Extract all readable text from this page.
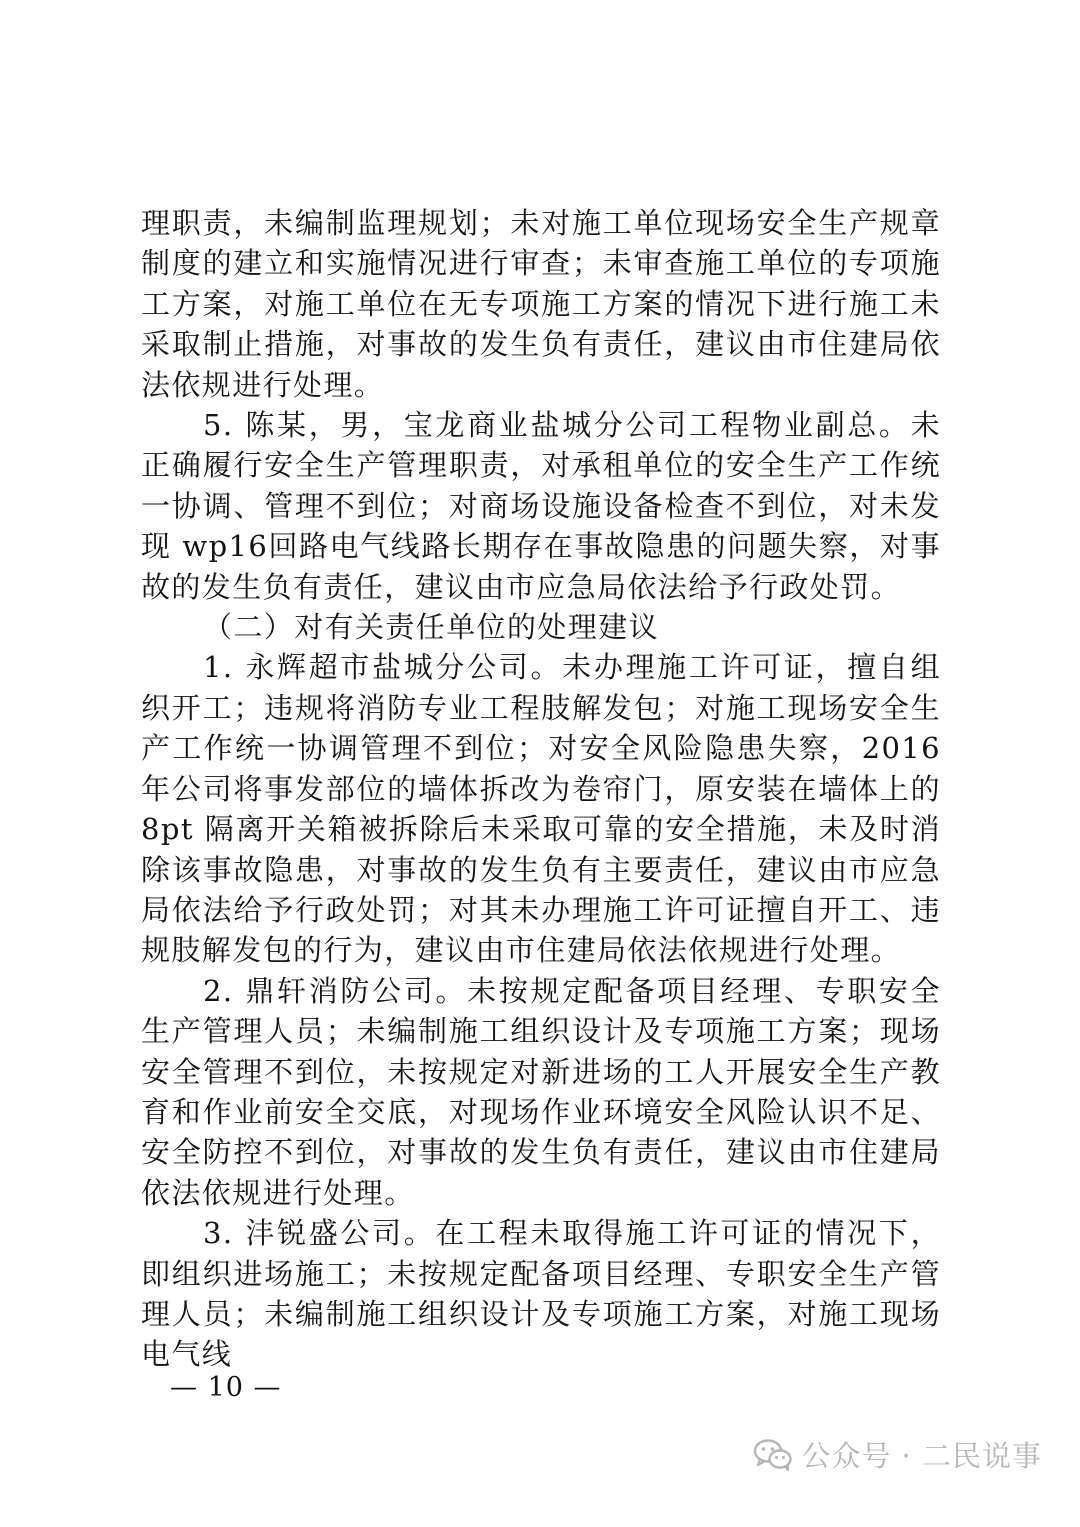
理职责，未编制监理规划；未对施工单位现场安全生产规章制度的建立和实施情况进行审查；未审查施工单位的专项施工方案，对施工单位在无专项施工方案的情况下进行施工未采取制止措施，对事故的发生负有责任，建议由市住建局依法依规进行处理。

5. 陈某，男，宝龙商业盐城分公司工程物业副总。未正确履行安全生产管理职责，对承租单位的安全生产工作统一协调、管理不到位；对商场设施设备检查不到位，对未发现 wp16回路电气线路长期存在事故隐患的问题失察，对事故的发生负有责任，建议由市应急局依法给予行政处罚。

（二）对有关责任单位的处理建议

1. 永辉超市盐城分公司。未办理施工许可证，擅自组织开工；违规将消防专业工程肢解发包；对施工现场安全生产工作统一协调管理不到位；对安全风险隐患失察，2016 年公司将事发部位的墙体拆改为卷帘门，原安装在墙体上的 8pt 隔离开关箱被拆除后未采取可靠的安全措施，未及时消除该事故隐患，对事故的发生负有主要责任，建议由市应急局依法给予行政处罚；对其未办理施工许可证擅自开工、违规肢解发包的行为，建议由市住建局依法依规进行处理。

2. 鼎轩消防公司。未按规定配备项目经理、专职安全生产管理人员；未编制施工组织设计及专项施工方案；现场安全管理不到位，未按规定对新进场的工人开展安全生产教育和作业前安全交底，对现场作业环境安全风险认识不足、安全防控不到位，对事故的发生负有责任，建议由市住建局依法依规进行处理。

3. 沣锐盛公司。在工程未取得施工许可证的情况下，即组织进场施工；未按规定配备项目经理、专职安全生产管理人员；未编制施工组织设计及专项施工方案，对施工现场电气线

— 10 —
公众号 · 二民说事
